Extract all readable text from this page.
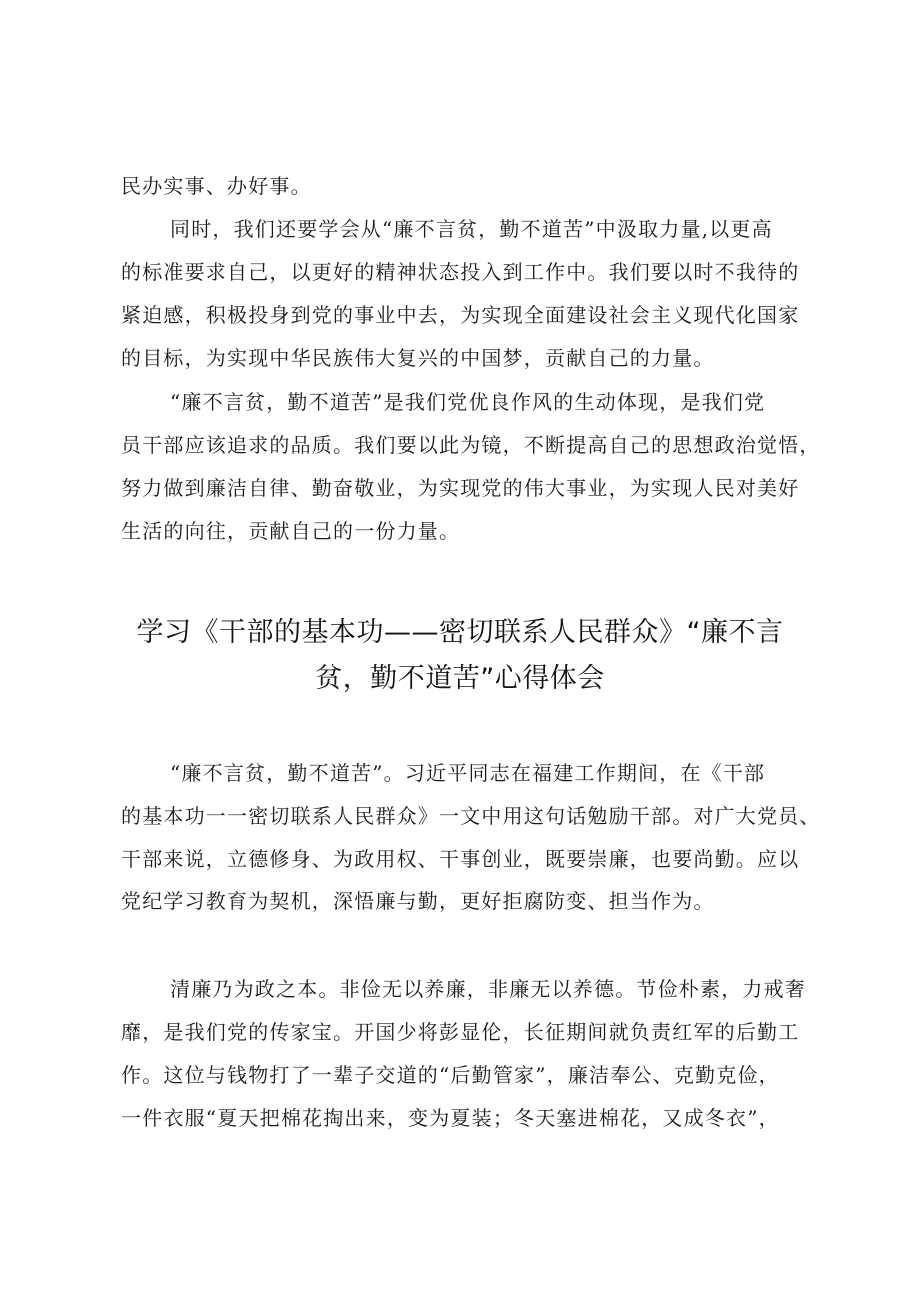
民办实事、办好事。
同时，我们还要学会从“廉不言贫，勤不道苦”中汲取力量,以更高
的标准要求自己，以更好的精神状态投入到工作中。我们要以时不我待的
紧迫感，积极投身到党的事业中去，为实现全面建设社会主义现代化国家
的目标，为实现中华民族伟大复兴的中国梦，贡献自己的力量。
“廉不言贫，勤不道苦”是我们党优良作风的生动体现，是我们党
员干部应该追求的品质。我们要以此为镜，不断提高自己的思想政治觉悟，
努力做到廉洁自律、勤奋敬业，为实现党的伟大事业，为实现人民对美好
生活的向往，贡献自己的一份力量。
学习《干部的基本功——密切联系人民群众》“廉不言
贫，勤不道苦”心得体会
“廉不言贫，勤不道苦”。习近平同志在福建工作期间，在《干部
的基本功一一密切联系人民群众》一文中用这句话勉励干部。对广大党员、
干部来说，立德修身、为政用权、干事创业，既要崇廉，也要尚勤。应以
党纪学习教育为契机，深悟廉与勤，更好拒腐防变、担当作为。
清廉乃为政之本。非俭无以养廉，非廉无以养德。节俭朴素，力戒奢
靡，是我们党的传家宝。开国少将彭显伦，长征期间就负责红军的后勤工
作。这位与钱物打了一辈子交道的“后勤管家”，廉洁奉公、克勤克俭，
一件衣服“夏天把棉花掏出来，变为夏装；冬天塞进棉花，又成冬衣”，
